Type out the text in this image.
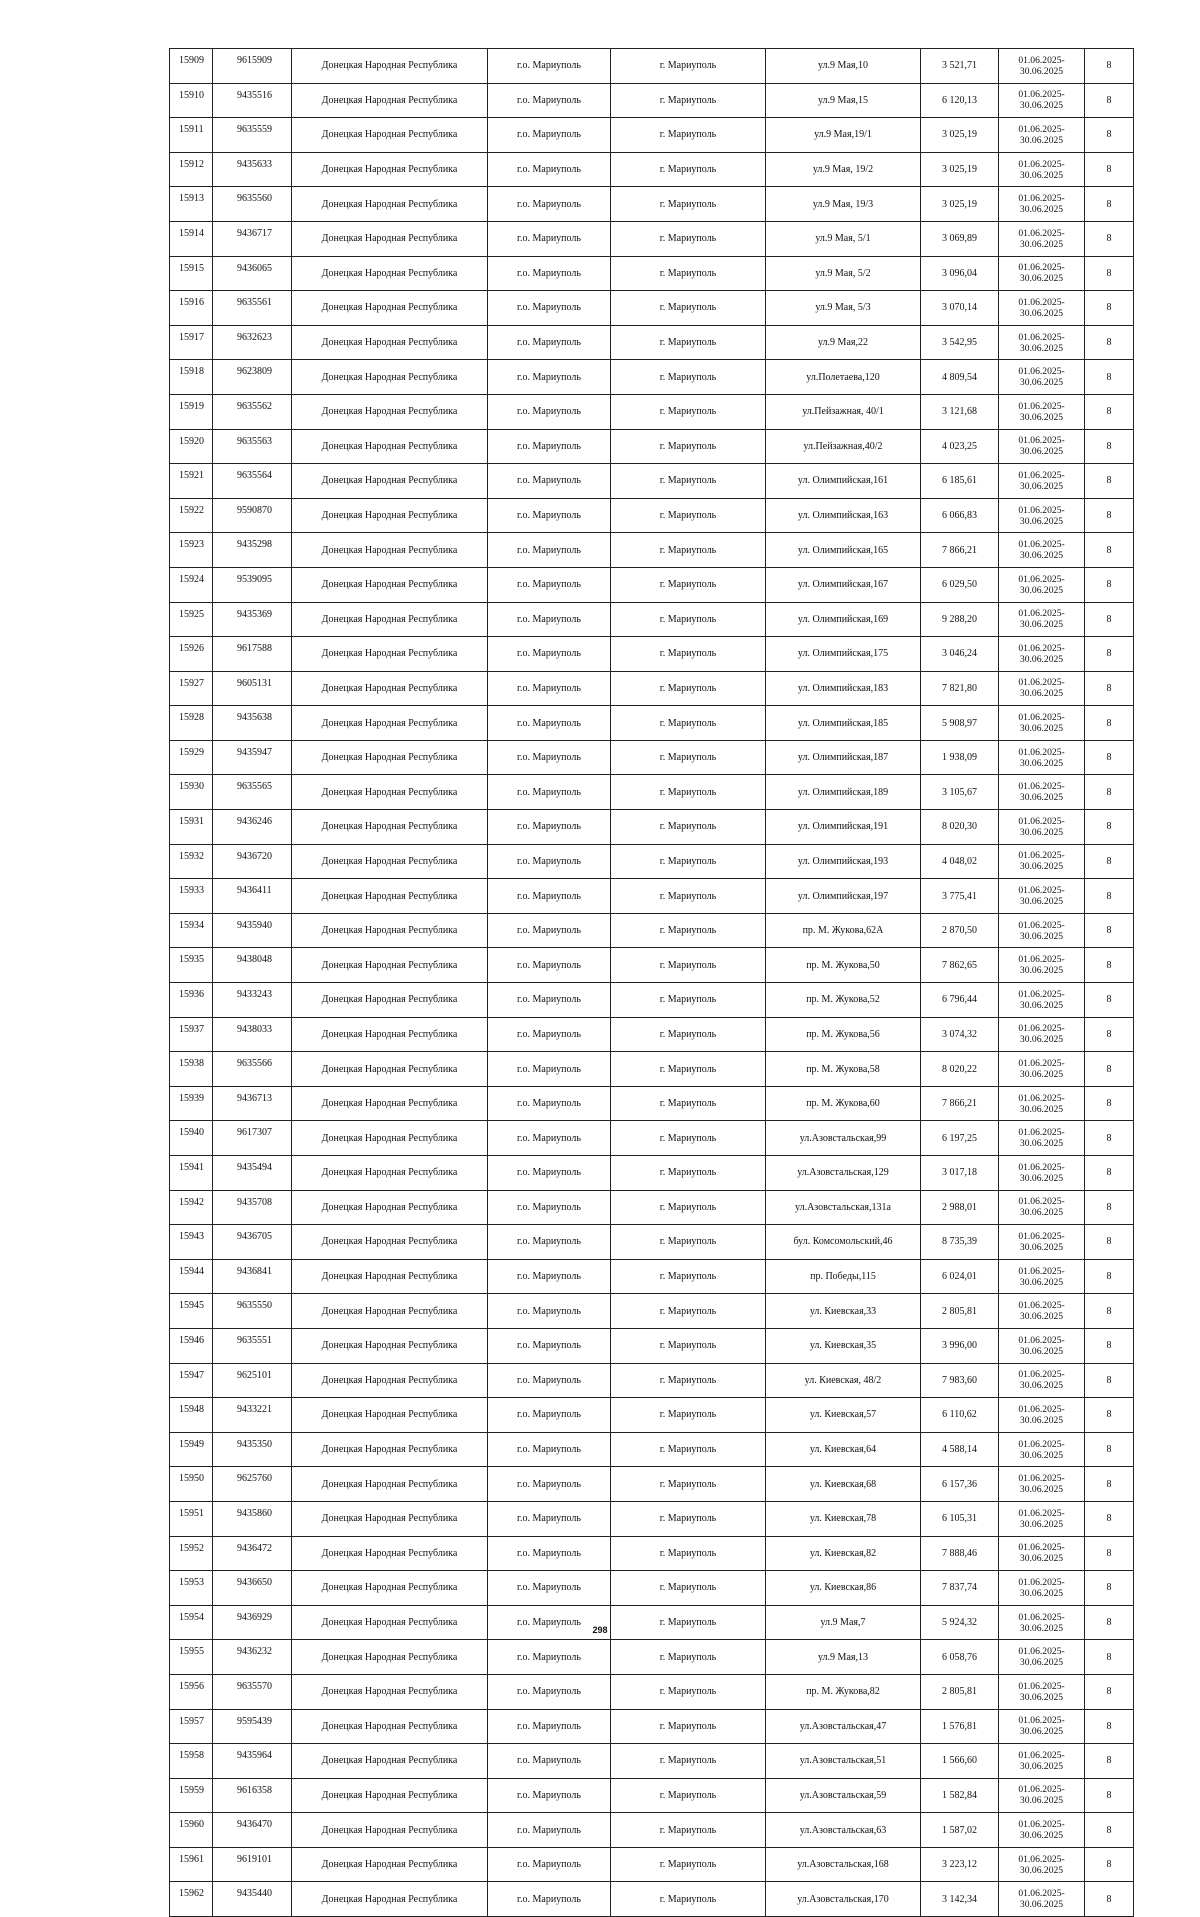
15909	9615909	Донецкая Народная Республика	г.о. Мариуполь	г. Мариуполь	ул.9 Мая,10	3 521,71	01.06.2025-
30.06.2025	8
15910	9435516	Донецкая Народная Республика	г.о. Мариуполь	г. Мариуполь	ул.9 Мая,15	6 120,13	01.06.2025-
30.06.2025	8
15911	9635559	Донецкая Народная Республика	г.о. Мариуполь	г. Мариуполь	ул.9 Мая,19/1	3 025,19	01.06.2025-
30.06.2025	8
15912	9435633	Донецкая Народная Республика	г.о. Мариуполь	г. Мариуполь	ул.9 Мая, 19/2	3 025,19	01.06.2025-
30.06.2025	8
15913	9635560	Донецкая Народная Республика	г.о. Мариуполь	г. Мариуполь	ул.9 Мая, 19/3	3 025,19	01.06.2025-
30.06.2025	8
15914	9436717	Донецкая Народная Республика	г.о. Мариуполь	г. Мариуполь	ул.9 Мая, 5/1	3 069,89	01.06.2025-
30.06.2025	8
15915	9436065	Донецкая Народная Республика	г.о. Мариуполь	г. Мариуполь	ул.9 Мая, 5/2	3 096,04	01.06.2025-
30.06.2025	8
15916	9635561	Донецкая Народная Республика	г.о. Мариуполь	г. Мариуполь	ул.9 Мая, 5/3	3 070,14	01.06.2025-
30.06.2025	8
15917	9632623	Донецкая Народная Республика	г.о. Мариуполь	г. Мариуполь	ул.9 Мая,22	3 542,95	01.06.2025-
30.06.2025	8
15918	9623809	Донецкая Народная Республика	г.о. Мариуполь	г. Мариуполь	ул.Полетаева,120	4 809,54	01.06.2025-
30.06.2025	8
15919	9635562	Донецкая Народная Республика	г.о. Мариуполь	г. Мариуполь	ул.Пейзажная, 40/1	3 121,68	01.06.2025-
30.06.2025	8
15920	9635563	Донецкая Народная Республика	г.о. Мариуполь	г. Мариуполь	ул.Пейзажная,40/2	4 023,25	01.06.2025-
30.06.2025	8
15921	9635564	Донецкая Народная Республика	г.о. Мариуполь	г. Мариуполь	ул. Олимпийская,161	6 185,61	01.06.2025-
30.06.2025	8
15922	9590870	Донецкая Народная Республика	г.о. Мариуполь	г. Мариуполь	ул. Олимпийская,163	6 066,83	01.06.2025-
30.06.2025	8
15923	9435298	Донецкая Народная Республика	г.о. Мариуполь	г. Мариуполь	ул. Олимпийская,165	7 866,21	01.06.2025-
30.06.2025	8
15924	9539095	Донецкая Народная Республика	г.о. Мариуполь	г. Мариуполь	ул. Олимпийская,167	6 029,50	01.06.2025-
30.06.2025	8
15925	9435369	Донецкая Народная Республика	г.о. Мариуполь	г. Мариуполь	ул. Олимпийская,169	9 288,20	01.06.2025-
30.06.2025	8
15926	9617588	Донецкая Народная Республика	г.о. Мариуполь	г. Мариуполь	ул. Олимпийская,175	3 046,24	01.06.2025-
30.06.2025	8
15927	9605131	Донецкая Народная Республика	г.о. Мариуполь	г. Мариуполь	ул. Олимпийская,183	7 821,80	01.06.2025-
30.06.2025	8
15928	9435638	Донецкая Народная Республика	г.о. Мариуполь	г. Мариуполь	ул. Олимпийская,185	5 908,97	01.06.2025-
30.06.2025	8
15929	9435947	Донецкая Народная Республика	г.о. Мариуполь	г. Мариуполь	ул. Олимпийская,187	1 938,09	01.06.2025-
30.06.2025	8
15930	9635565	Донецкая Народная Республика	г.о. Мариуполь	г. Мариуполь	ул. Олимпийская,189	3 105,67	01.06.2025-
30.06.2025	8
15931	9436246	Донецкая Народная Республика	г.о. Мариуполь	г. Мариуполь	ул. Олимпийская,191	8 020,30	01.06.2025-
30.06.2025	8
15932	9436720	Донецкая Народная Республика	г.о. Мариуполь	г. Мариуполь	ул. Олимпийская,193	4 048,02	01.06.2025-
30.06.2025	8
15933	9436411	Донецкая Народная Республика	г.о. Мариуполь	г. Мариуполь	ул. Олимпийская,197	3 775,41	01.06.2025-
30.06.2025	8
15934	9435940	Донецкая Народная Республика	г.о. Мариуполь	г. Мариуполь	пр. М. Жукова,62А	2 870,50	01.06.2025-
30.06.2025	8
15935	9438048	Донецкая Народная Республика	г.о. Мариуполь	г. Мариуполь	пр. М. Жукова,50	7 862,65	01.06.2025-
30.06.2025	8
15936	9433243	Донецкая Народная Республика	г.о. Мариуполь	г. Мариуполь	пр. М. Жукова,52	6 796,44	01.06.2025-
30.06.2025	8
15937	9438033	Донецкая Народная Республика	г.о. Мариуполь	г. Мариуполь	пр. М. Жукова,56	3 074,32	01.06.2025-
30.06.2025	8
15938	9635566	Донецкая Народная Республика	г.о. Мариуполь	г. Мариуполь	пр. М. Жукова,58	8 020,22	01.06.2025-
30.06.2025	8
15939	9436713	Донецкая Народная Республика	г.о. Мариуполь	г. Мариуполь	пр. М. Жукова,60	7 866,21	01.06.2025-
30.06.2025	8
15940	9617307	Донецкая Народная Республика	г.о. Мариуполь	г. Мариуполь	ул.Азовстальская,99	6 197,25	01.06.2025-
30.06.2025	8
15941	9435494	Донецкая Народная Республика	г.о. Мариуполь	г. Мариуполь	ул.Азовстальская,129	3 017,18	01.06.2025-
30.06.2025	8
15942	9435708	Донецкая Народная Республика	г.о. Мариуполь	г. Мариуполь	ул.Азовстальская,131а	2 988,01	01.06.2025-
30.06.2025	8
15943	9436705	Донецкая Народная Республика	г.о. Мариуполь	г. Мариуполь	бул. Комсомольский,46	8 735,39	01.06.2025-
30.06.2025	8
15944	9436841	Донецкая Народная Республика	г.о. Мариуполь	г. Мариуполь	пр. Победы,115	6 024,01	01.06.2025-
30.06.2025	8
15945	9635550	Донецкая Народная Республика	г.о. Мариуполь	г. Мариуполь	ул. Киевская,33	2 805,81	01.06.2025-
30.06.2025	8
15946	9635551	Донецкая Народная Республика	г.о. Мариуполь	г. Мариуполь	ул. Киевская,35	3 996,00	01.06.2025-
30.06.2025	8
15947	9625101	Донецкая Народная Республика	г.о. Мариуполь	г. Мариуполь	ул. Киевская, 48/2	7 983,60	01.06.2025-
30.06.2025	8
15948	9433221	Донецкая Народная Республика	г.о. Мариуполь	г. Мариуполь	ул. Киевская,57	6 110,62	01.06.2025-
30.06.2025	8
15949	9435350	Донецкая Народная Республика	г.о. Мариуполь	г. Мариуполь	ул. Киевская,64	4 588,14	01.06.2025-
30.06.2025	8
15950	9625760	Донецкая Народная Республика	г.о. Мариуполь	г. Мариуполь	ул. Киевская,68	6 157,36	01.06.2025-
30.06.2025	8
15951	9435860	Донецкая Народная Республика	г.о. Мариуполь	г. Мариуполь	ул. Киевская,78	6 105,31	01.06.2025-
30.06.2025	8
15952	9436472	Донецкая Народная Республика	г.о. Мариуполь	г. Мариуполь	ул. Киевская,82	7 888,46	01.06.2025-
30.06.2025	8
15953	9436650	Донецкая Народная Республика	г.о. Мариуполь	г. Мариуполь	ул. Киевская,86	7 837,74	01.06.2025-
30.06.2025	8
15954	9436929	Донецкая Народная Республика	г.о. Мариуполь	г. Мариуполь	ул.9 Мая,7	5 924,32	01.06.2025-
30.06.2025	8
15955	9436232	Донецкая Народная Республика	г.о. Мариуполь	г. Мариуполь	ул.9 Мая,13	6 058,76	01.06.2025-
30.06.2025	8
15956	9635570	Донецкая Народная Республика	г.о. Мариуполь	г. Мариуполь	пр. М. Жукова,82	2 805,81	01.06.2025-
30.06.2025	8
15957	9595439	Донецкая Народная Республика	г.о. Мариуполь	г. Мариуполь	ул.Азовстальская,47	1 576,81	01.06.2025-
30.06.2025	8
15958	9435964	Донецкая Народная Республика	г.о. Мариуполь	г. Мариуполь	ул.Азовстальская,51	1 566,60	01.06.2025-
30.06.2025	8
15959	9616358	Донецкая Народная Республика	г.о. Мариуполь	г. Мариуполь	ул.Азовстальская,59	1 582,84	01.06.2025-
30.06.2025	8
15960	9436470	Донецкая Народная Республика	г.о. Мариуполь	г. Мариуполь	ул.Азовстальская,63	1 587,02	01.06.2025-
30.06.2025	8
15961	9619101	Донецкая Народная Республика	г.о. Мариуполь	г. Мариуполь	ул.Азовстальская,168	3 223,12	01.06.2025-
30.06.2025	8
15962	9435440	Донецкая Народная Республика	г.о. Мариуполь	г. Мариуполь	ул.Азовстальская,170	3 142,34	01.06.2025-
30.06.2025	8
298
